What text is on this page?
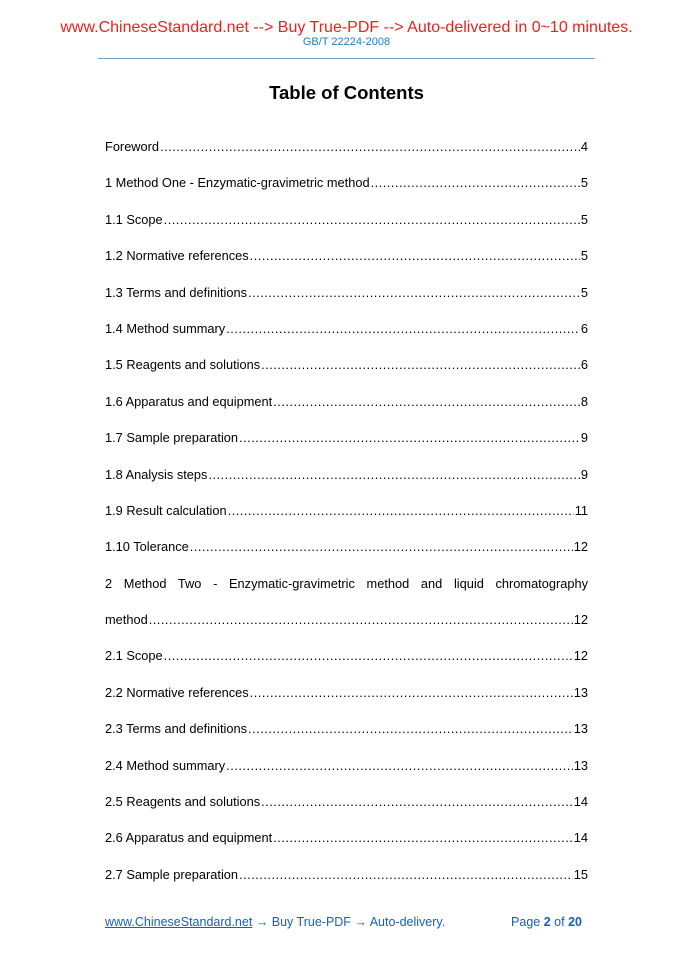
www.ChineseStandard.net --> Buy True-PDF --> Auto-delivered in 0~10 minutes.
GB/T 22224-2008
Table of Contents
Foreword .....	4
1 Method One - Enzymatic-gravimetric method .....	5
1.1 Scope .....	5
1.2 Normative references .....	5
1.3 Terms and definitions .....	5
1.4 Method summary .....	6
1.5 Reagents and solutions .....	6
1.6 Apparatus and equipment .....	8
1.7 Sample preparation .....	9
1.8 Analysis steps .....	9
1.9 Result calculation .....	11
1.10 Tolerance .....	12
2 Method Two - Enzymatic-gravimetric method and liquid chromatography
method .....	12
2.1 Scope .....	12
2.2 Normative references .....	13
2.3 Terms and definitions .....	13
2.4 Method summary .....	13
2.5 Reagents and solutions .....	14
2.6 Apparatus and equipment .....	14
2.7 Sample preparation .....	15
www.ChineseStandard.net → Buy True-PDF → Auto-delivery.	Page 2 of 20
